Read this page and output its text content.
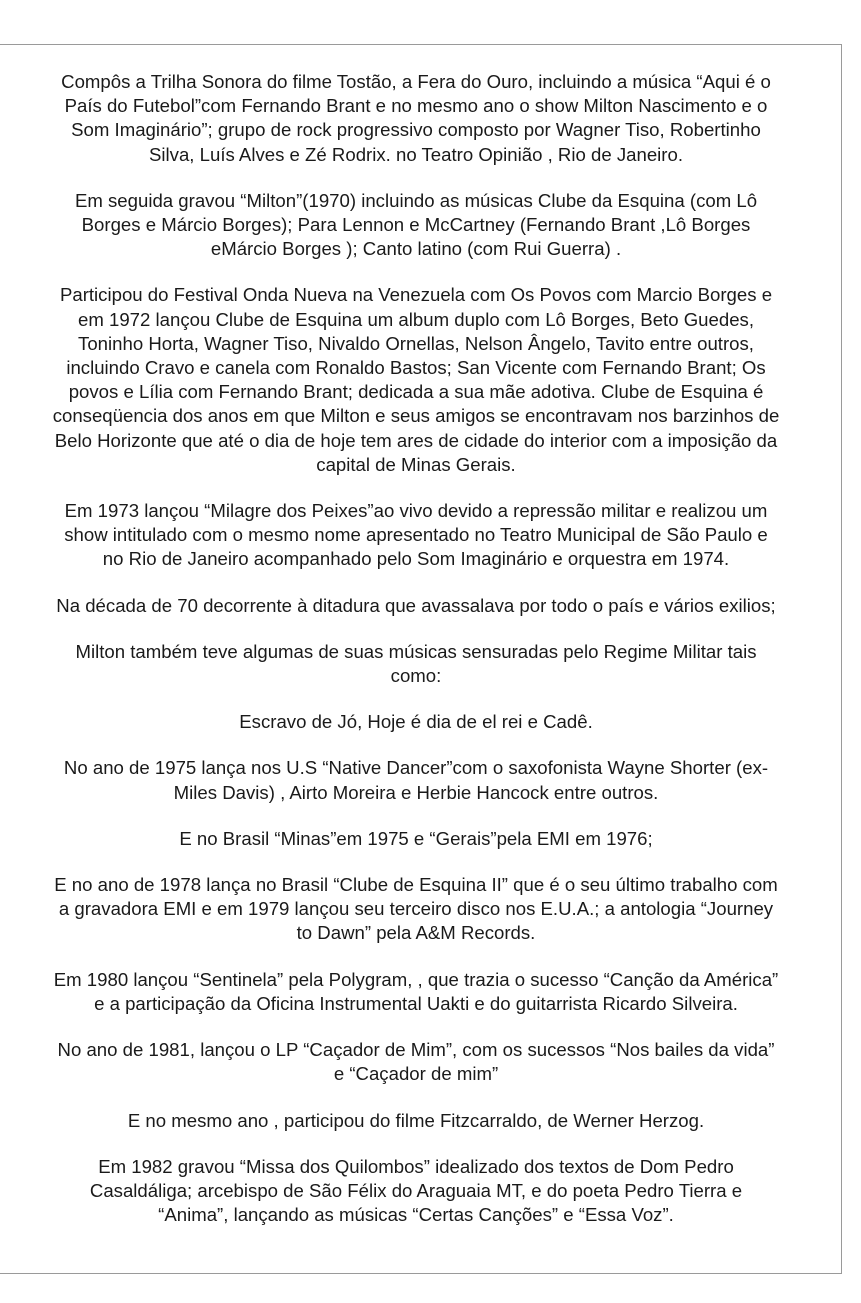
Compôs a Trilha Sonora do filme Tostão, a Fera do Ouro, incluindo a música “Aqui é o
País do Futebol”com Fernando Brant e no mesmo ano o show Milton Nascimento e o
Som Imaginário”; grupo de rock progressivo composto por Wagner Tiso, Robertinho
Silva, Luís Alves e Zé Rodrix. no Teatro Opinião , Rio de Janeiro.

Em seguida gravou “Milton”(1970) incluindo as músicas Clube da Esquina (com Lô
Borges e Márcio Borges); Para Lennon e McCartney (Fernando Brant ,Lô Borges
eMárcio Borges ); Canto latino (com Rui Guerra) .

Participou do Festival Onda Nueva na Venezuela com Os Povos com Marcio Borges e
em 1972 lançou Clube de Esquina um album duplo com Lô Borges, Beto Guedes,
Toninho Horta, Wagner Tiso, Nivaldo Ornellas, Nelson Ângelo, Tavito entre outros,
incluindo Cravo e canela com Ronaldo Bastos; San Vicente com Fernando Brant; Os
povos e Lília com Fernando Brant; dedicada a sua mãe adotiva. Clube de Esquina é
conseqüencia dos anos em que Milton e seus amigos se encontravam nos barzinhos de
Belo Horizonte que até o dia de hoje tem ares de cidade do interior com a imposição da
capital de Minas Gerais.

Em 1973 lançou “Milagre dos Peixes”ao vivo devido a repressão militar e realizou um
show intitulado com o mesmo nome apresentado no Teatro Municipal de São Paulo e
no Rio de Janeiro acompanhado pelo Som Imaginário e orquestra em 1974.

Na década de 70 decorrente à ditadura que avassalava por todo o país e vários exilios;

Milton também teve algumas de suas músicas sensuradas pelo Regime Militar tais
como:

Escravo de Jó, Hoje é dia de el rei e Cadê.

No ano de 1975 lança nos U.S “Native Dancer”com o saxofonista Wayne Shorter (ex-
Miles Davis) , Airto Moreira e Herbie Hancock entre outros.

E no Brasil “Minas”em 1975 e “Gerais”pela EMI em 1976;

E no ano de 1978 lança no Brasil “Clube de Esquina II” que é o seu último trabalho com
a gravadora EMI e em 1979 lançou seu terceiro disco nos E.U.A.; a antologia “Journey
to Dawn” pela A&M Records.

Em 1980 lançou “Sentinela” pela Polygram, , que trazia o sucesso “Canção da América”
e a participação da Oficina Instrumental Uakti e do guitarrista Ricardo Silveira.

No ano de 1981, lançou o LP “Caçador de Mim”, com os sucessos “Nos bailes da vida”
e “Caçador de mim”

E no mesmo ano , participou do filme Fitzcarraldo, de Werner Herzog.

Em 1982 gravou “Missa dos Quilombos” idealizado dos textos de Dom Pedro
Casaldáliga; arcebispo de São Félix do Araguaia MT, e do poeta Pedro Tierra e
“Anima”, lançando as músicas “Certas Canções” e “Essa Voz”.
